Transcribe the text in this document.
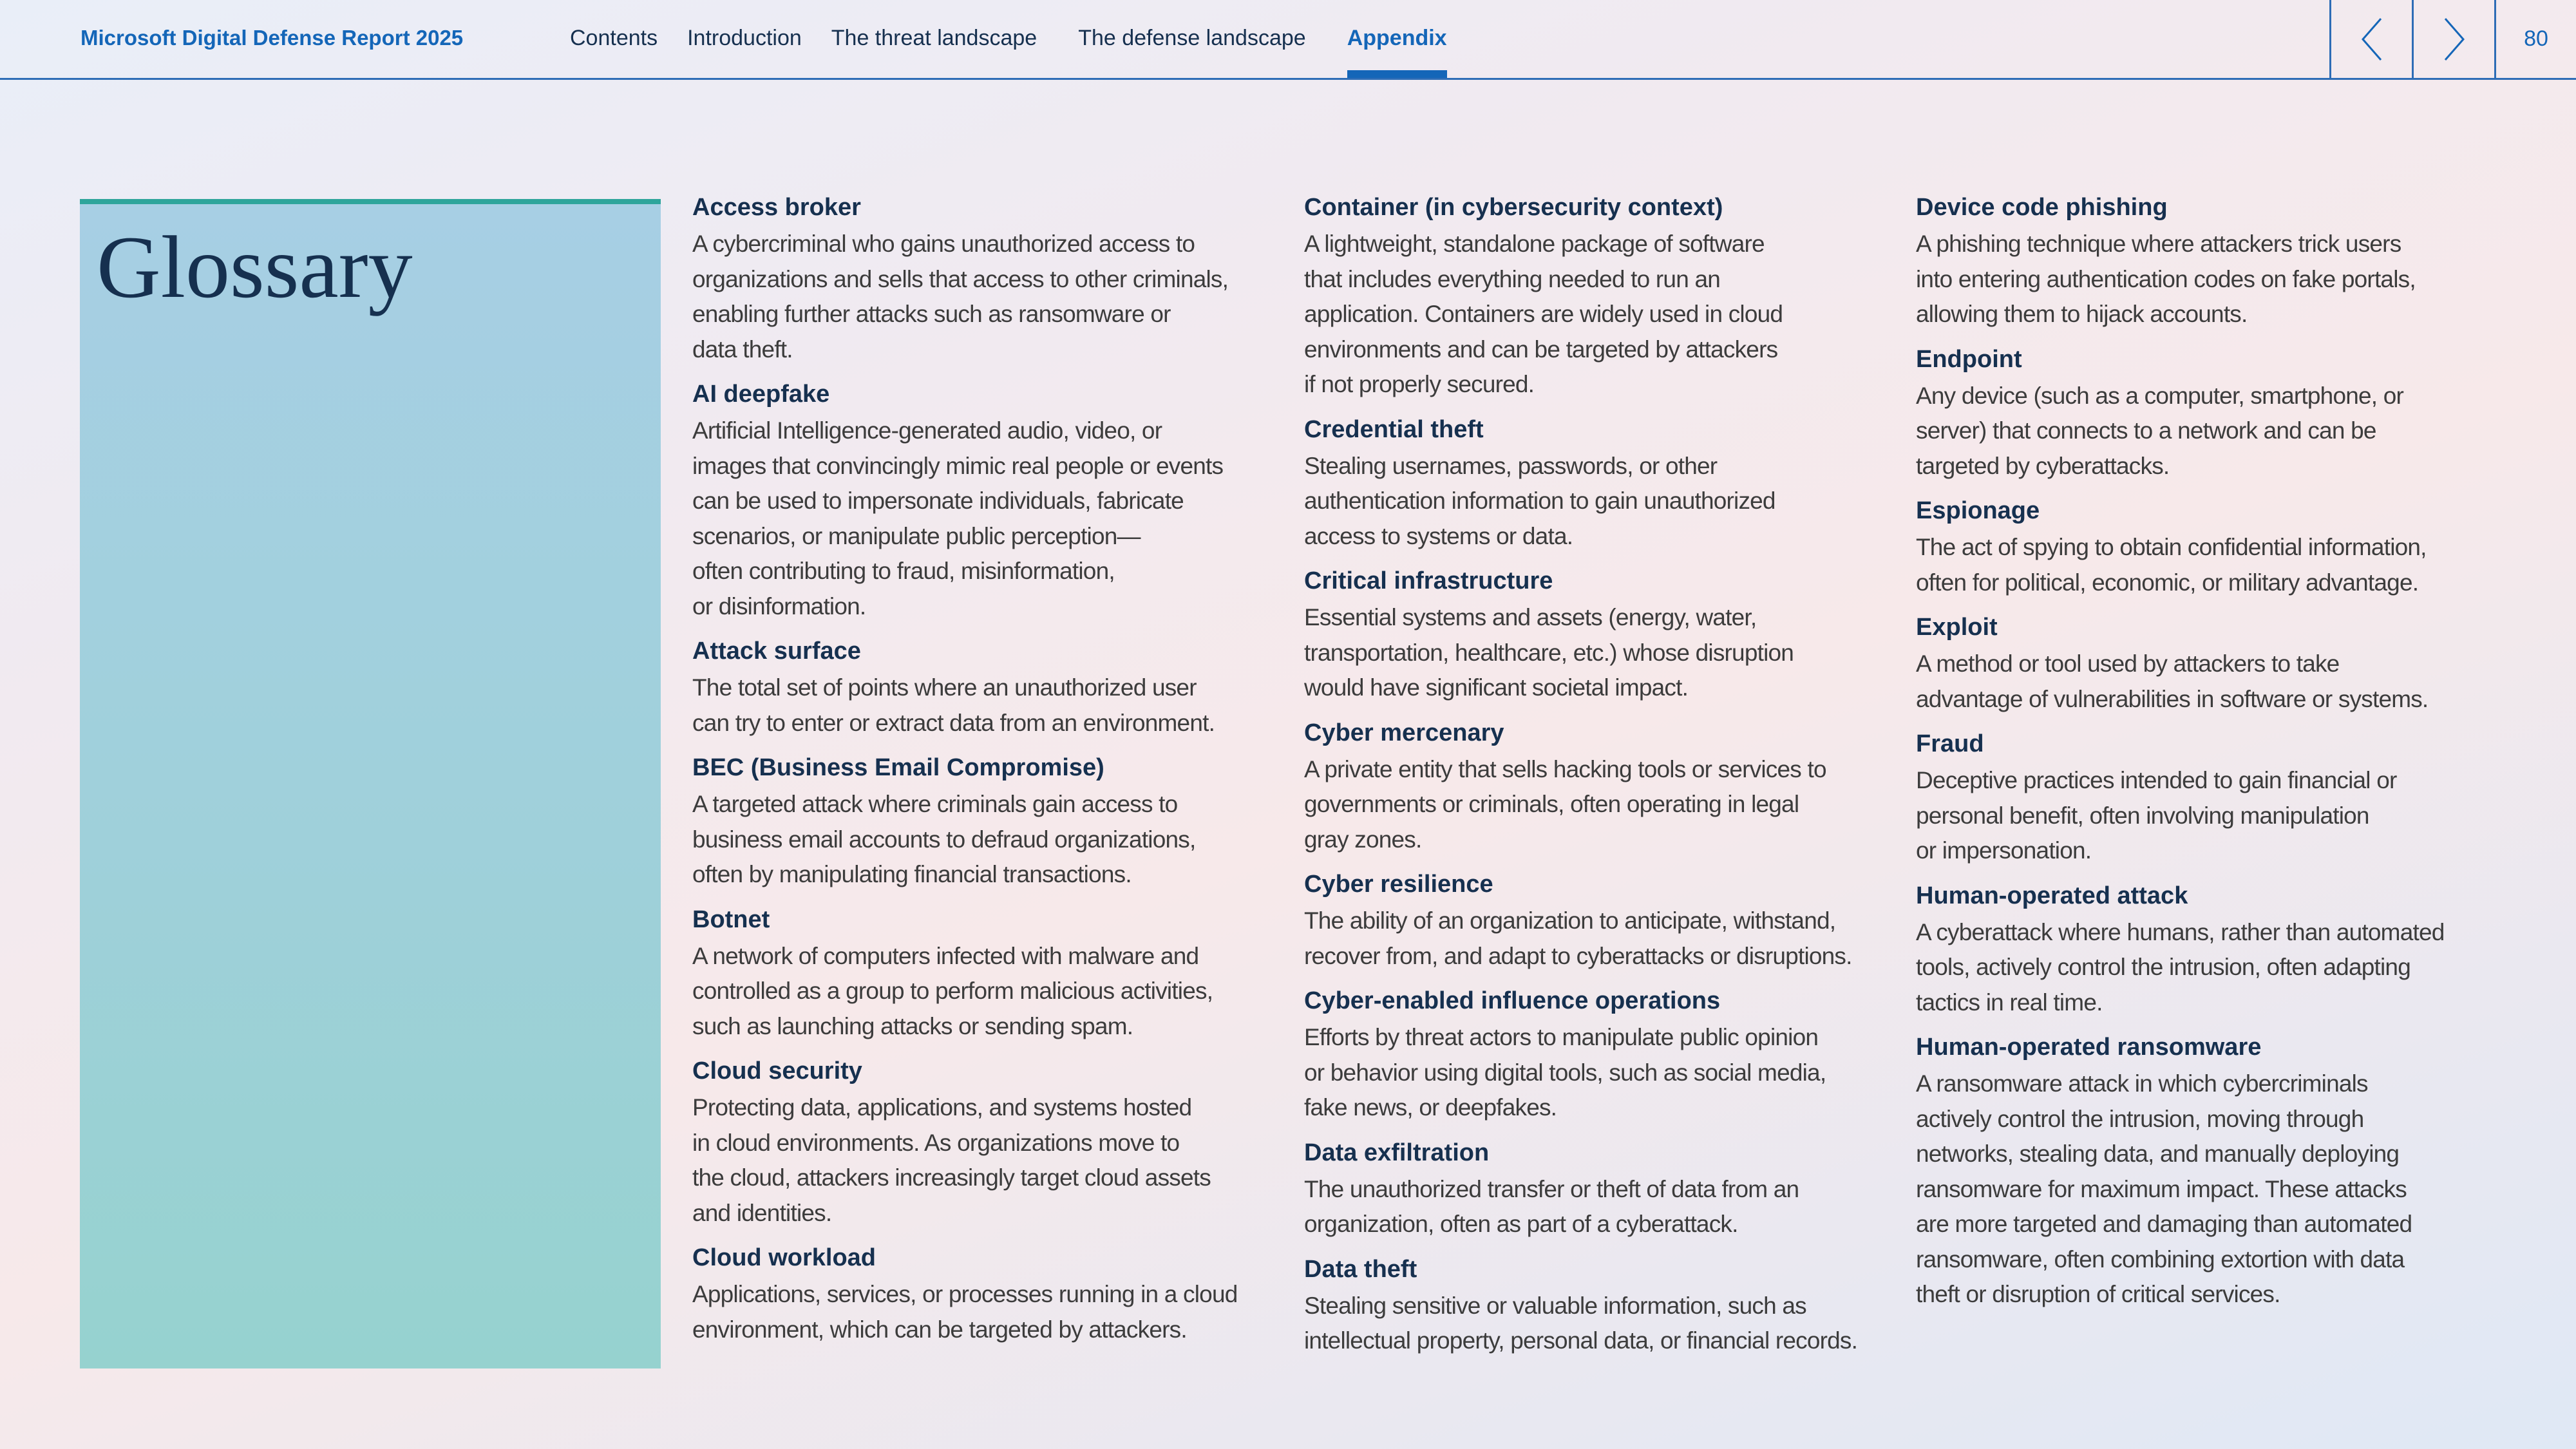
Microsoft Digital Defense Report 2025	Contents Introduction The threat landscape The defense landscape Appendix	80
Glossary
Access broker
A cybercriminal who gains unauthorized access to
organizations and sells that access to other criminals,
enabling further attacks such as ransomware or
data theft.
AI deepfake
Artificial Intelligence-generated audio, video, or
images that convincingly mimic real people or events
can be used to impersonate individuals, fabricate
scenarios, or manipulate public perception—
often contributing to fraud, misinformation,
or disinformation.
Attack surface
The total set of points where an unauthorized user
can try to enter or extract data from an environment.
BEC (Business Email Compromise)
A targeted attack where criminals gain access to
business email accounts to defraud organizations,
often by manipulating financial transactions.
Botnet
A network of computers infected with malware and
controlled as a group to perform malicious activities,
such as launching attacks or sending spam.
Cloud security
Protecting data, applications, and systems hosted
in cloud environments. As organizations move to
the cloud, attackers increasingly target cloud assets
and identities.
Cloud workload
Applications, services, or processes running in a cloud
environment, which can be targeted by attackers.
Container (in cybersecurity context)
A lightweight, standalone package of software
that includes everything needed to run an
application. Containers are widely used in cloud
environments and can be targeted by attackers
if not properly secured.
Credential theft
Stealing usernames, passwords, or other
authentication information to gain unauthorized
access to systems or data.
Critical infrastructure
Essential systems and assets (energy, water,
transportation, healthcare, etc.) whose disruption
would have significant societal impact.
Cyber mercenary
A private entity that sells hacking tools or services to
governments or criminals, often operating in legal
gray zones.
Cyber resilience
The ability of an organization to anticipate, withstand,
recover from, and adapt to cyberattacks or disruptions.
Cyber-enabled influence operations
Efforts by threat actors to manipulate public opinion
or behavior using digital tools, such as social media,
fake news, or deepfakes.
Data exfiltration
The unauthorized transfer or theft of data from an
organization, often as part of a cyberattack.
Data theft
Stealing sensitive or valuable information, such as
intellectual property, personal data, or financial records.
Device code phishing
A phishing technique where attackers trick users
into entering authentication codes on fake portals,
allowing them to hijack accounts.
Endpoint
Any device (such as a computer, smartphone, or
server) that connects to a network and can be
targeted by cyberattacks.
Espionage
The act of spying to obtain confidential information,
often for political, economic, or military advantage.
Exploit
A method or tool used by attackers to take
advantage of vulnerabilities in software or systems.
Fraud
Deceptive practices intended to gain financial or
personal benefit, often involving manipulation
or impersonation.
Human-operated attack
A cyberattack where humans, rather than automated
tools, actively control the intrusion, often adapting
tactics in real time.
Human-operated ransomware
A ransomware attack in which cybercriminals
actively control the intrusion, moving through
networks, stealing data, and manually deploying
ransomware for maximum impact. These attacks
are more targeted and damaging than automated
ransomware, often combining extortion with data
theft or disruption of critical services.
